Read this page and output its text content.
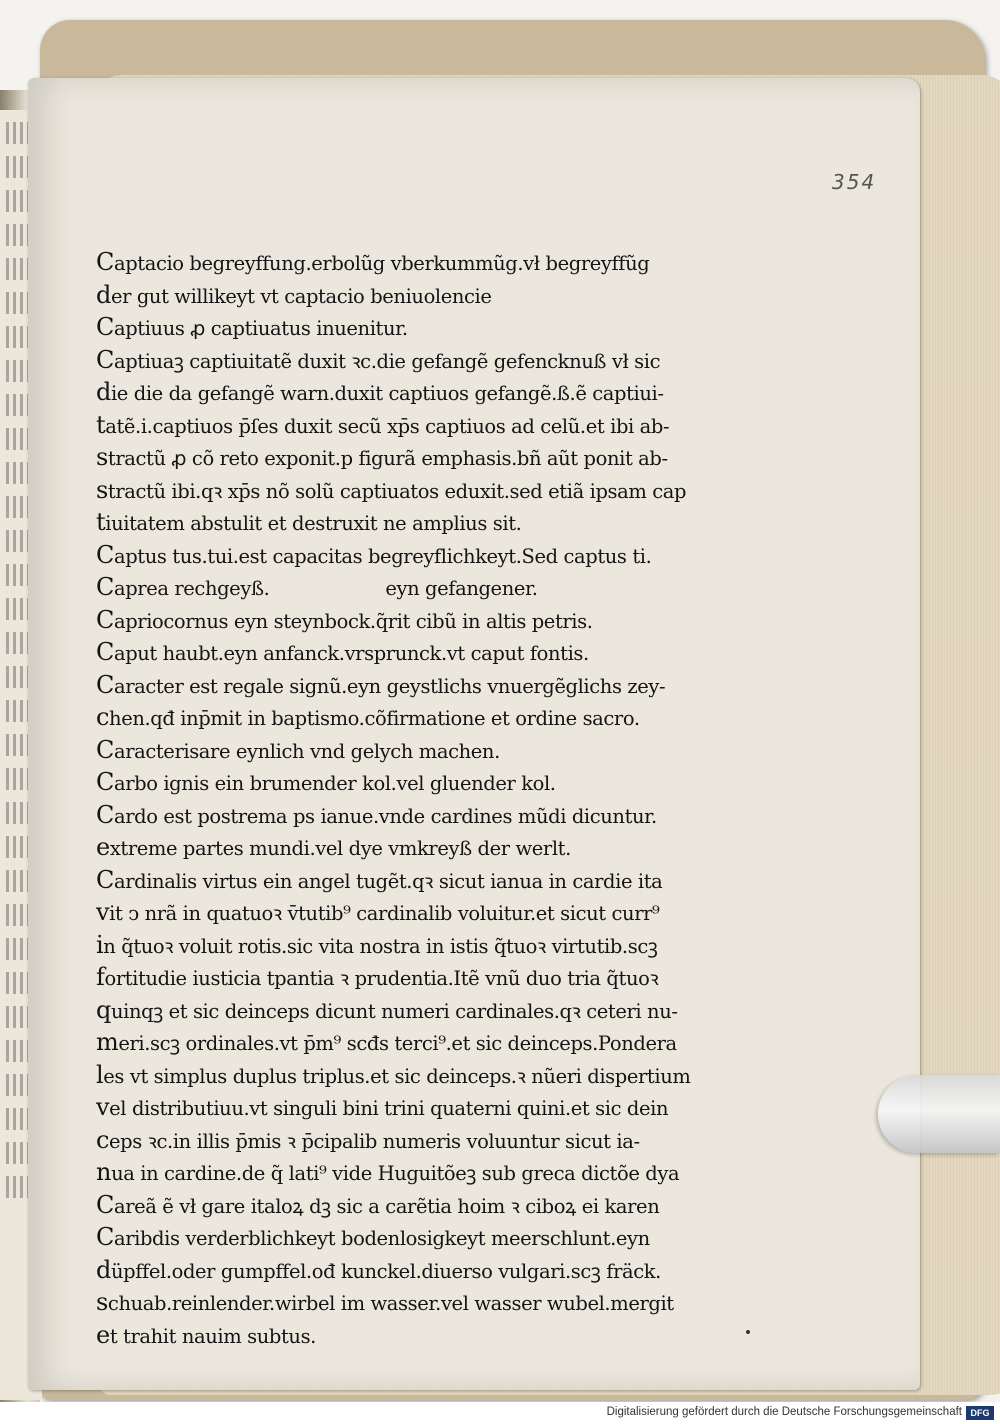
354
Captacio begreyffung.erbolũg vberkummũg.vł begreyffũg
der gut willikeyt vt captacio beniuolencie
Captiuus ꝓ captiuatus inuenitur.
Captiuaꝫ captiuitatẽ duxit ꝛc.die gefangẽ gefencknuß vł sic
die die da gefangẽ warn.duxit captiuos gefangẽ.ß.ẽ captiui-
tatẽ.i.captiuos p̄ſes duxit secũ xp̄s captiuos ad celũ.et ibi ab-
stractũ ꝓ cõ reto exponit.p figurã emphasis.bñ aũt ponit ab-
stractũ ibi.qꝛ xp̄s nõ solũ captiuatos eduxit.sed etiã ipsam cap
tiuitatem abstulit et destruxit ne amplius sit.
Captus tus.tui.est capacitas begreyflichkeyt.Sed captus ti.
Caprea rechgeyß.                    eyn gefangener.
Capriocornus eyn steynbock.q̃rit cibũ in altis petris.
Caput haubt.eyn anfanck.vrsprunck.vt caput fontis.
Caracter est regale signũ.eyn geystlichs vnuergẽglichs zey-
chen.qđ inp̄mit in baptismo.cõfirmatione et ordine sacro.
Caracterisare eynlich vnd gelych machen.
Carbo ignis ein brumender kol.vel gluender kol.
Cardo est postrema ps ianue.vnde cardines mũdi dicuntur.
extreme partes mundi.vel dye vmkreyß der werlt.
Cardinalis virtus ein angel tugẽt.qꝛ sicut ianua in cardie ita
vit ↄ nrã in quatuoꝛ v̄tutib⁹ cardinalib voluitur.et sicut curr⁹
in q̃tuoꝛ voluit rotis.sic vita nostra in istis q̃tuoꝛ virtutib.scꝫ
fortitudie iusticia tpantia ꝛ prudentia.Itẽ vnũ duo tria q̃tuoꝛ
quinqꝫ et sic deinceps dicunt numeri cardinales.qꝛ ceteri nu-
meri.scꝫ ordinales.vt p̄m⁹ scđs terci⁹.et sic deinceps.Pondera
les vt simplus duplus triplus.et sic deinceps.ꝛ nũeri dispertium
vel distributiuu.vt singuli bini trini quaterni quini.et sic dein
ceps ꝛc.in illis p̄mis ꝛ p̄cipalib numeris voluuntur sicut ia-
nua in cardine.de q̃ lati⁹ vide Huguitõeꝫ sub greca dictõe dya
Careã ẽ vł gare italoꝝ dꝫ sic a carẽtia hoim ꝛ ciboꝝ ei karen
Caribdis verderblichkeyt bodenlosigkeyt meerschlunt.eyn
düpffel.oder gumpffel.ođ kunckel.diuerso vulgari.scꝫ fräck.
schuab.reinlender.wirbel im wasser.vel wasser wubel.mergit
et trahit nauim subtus.
Digitalisierung gefördert durch die Deutsche Forschungsgemeinschaft DFG
